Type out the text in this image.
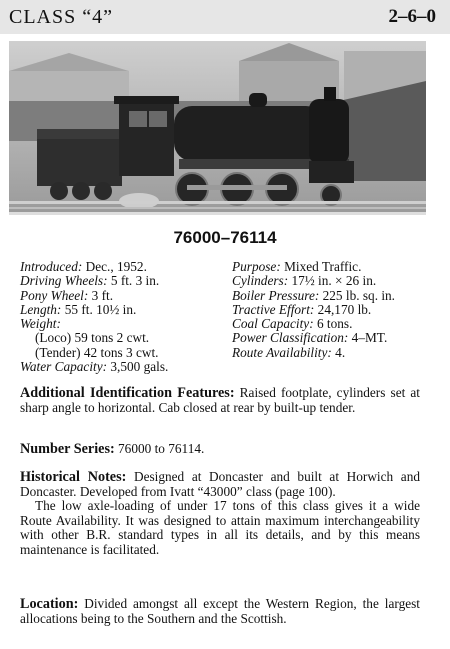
CLASS “4”	2–6–0
76000–76114
Introduced: Dec., 1952.
Driving Wheels: 5 ft. 3 in.
Pony Wheel: 3 ft.
Length: 55 ft. 10½ in.
Weight:
(Loco) 59 tons 2 cwt.
(Tender) 42 tons 3 cwt.
Water Capacity: 3,500 gals.
Purpose: Mixed Traffic.
Cylinders: 17½ in. × 26 in.
Boiler Pressure: 225 lb. sq. in.
Tractive Effort: 24,170 lb.
Coal Capacity: 6 tons.
Power Classification: 4–MT.
Route Availability: 4.
Additional Identification Features: Raised footplate, cylinders set at sharp angle to horizontal. Cab closed at rear by built-up tender.
Number Series: 76000 to 76114.
Historical Notes: Designed at Doncaster and built at Horwich and Doncaster. Developed from Ivatt “43000” class (page 100).
The low axle-loading of under 17 tons of this class gives it a wide Route Availability. It was designed to attain maximum interchangeability with other B.R. standard types in all its details, and by this means maintenance is facilitated.
Location: Divided amongst all except the Western Region, the largest allocations being to the Southern and the Scottish.
